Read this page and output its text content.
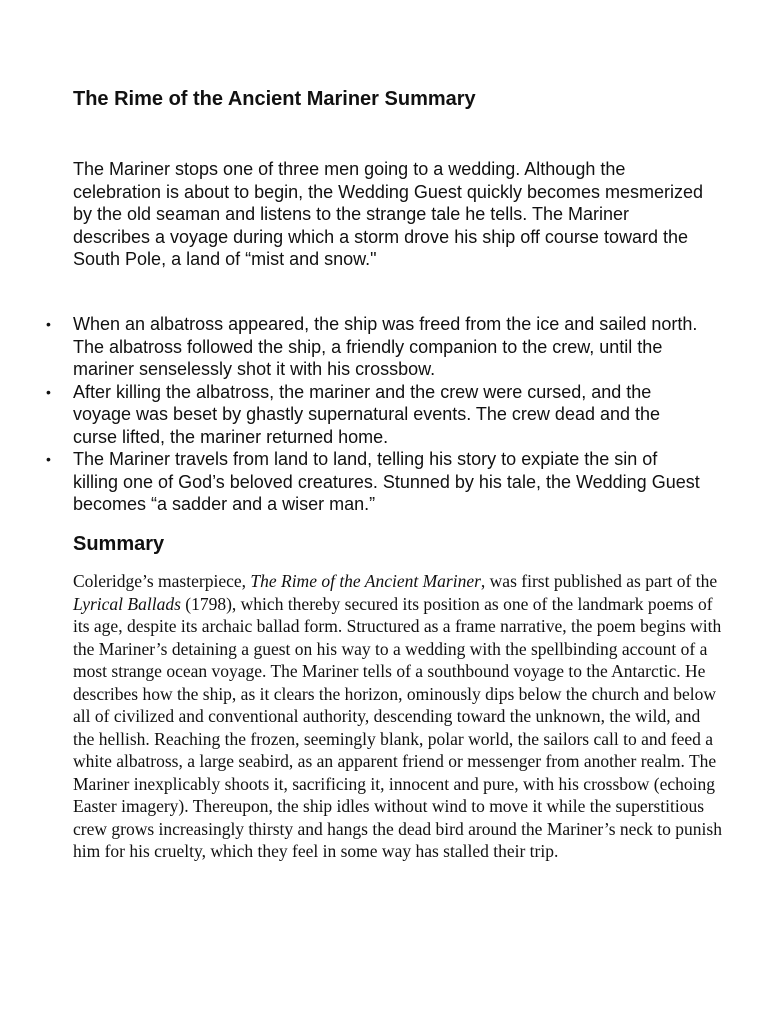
The Rime of the Ancient Mariner Summary

The Mariner stops one of three men going to a wedding. Although the celebration is about to begin, the Wedding Guest quickly becomes mesmerized by the old seaman and listens to the strange tale he tells. The Mariner describes a voyage during which a storm drove his ship off course toward the South Pole, a land of “mist and snow."

• When an albatross appeared, the ship was freed from the ice and sailed north. The albatross followed the ship, a friendly companion to the crew, until the mariner senselessly shot it with his crossbow.
• After killing the albatross, the mariner and the crew were cursed, and the voyage was beset by ghastly supernatural events. The crew dead and the curse lifted, the mariner returned home.
• The Mariner travels from land to land, telling his story to expiate the sin of killing one of God’s beloved creatures. Stunned by his tale, the Wedding Guest becomes “a sadder and a wiser man.”
Summary

Coleridge’s masterpiece, The Rime of the Ancient Mariner, was first published as part of the Lyrical Ballads (1798), which thereby secured its position as one of the landmark poems of its age, despite its archaic ballad form. Structured as a frame narrative, the poem begins with the Mariner’s detaining a guest on his way to a wedding with the spellbinding account of a most strange ocean voyage. The Mariner tells of a southbound voyage to the Antarctic. He describes how the ship, as it clears the horizon, ominously dips below the church and below all of civilized and conventional authority, descending toward the unknown, the wild, and the hellish. Reaching the frozen, seemingly blank, polar world, the sailors call to and feed a white albatross, a large seabird, as an apparent friend or messenger from another realm. The Mariner inexplicably shoots it, sacrificing it, innocent and pure, with his crossbow (echoing Easter imagery). Thereupon, the ship idles without wind to move it while the superstitious crew grows increasingly thirsty and hangs the dead bird around the Mariner’s neck to punish him for his cruelty, which they feel in some way has stalled their trip.
